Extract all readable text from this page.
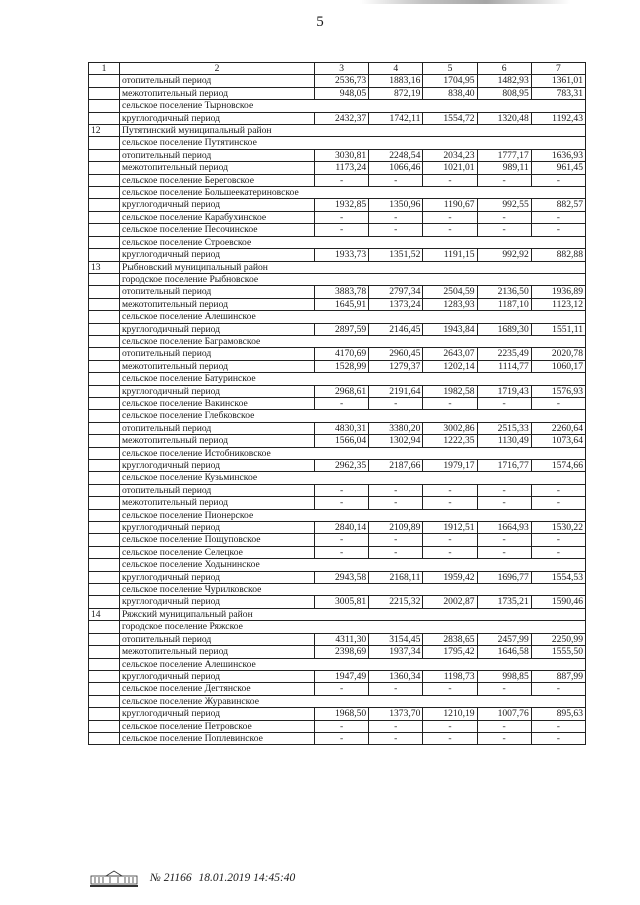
5
1	2	3	4	5	6	7
	отопительный период	2536,73	1883,16	1704,95	1482,93	1361,01
	межотопительный период	948,05	872,19	838,40	808,95	783,31
	сельское поселение Тырновское					
	круглогодичный период	2432,37	1742,11	1554,72	1320,48	1192,43
12	Путятинский муниципальный район					
	сельское поселение Путятинское					
	отопительный период	3030,81	2248,54	2034,23	1777,17	1636,93
	межотопительный период	1173,24	1066,46	1021,01	989,11	961,45
	сельское поселение Береговское	-	-	-	-	-
	сельское поселение Большеекатериновское					
	круглогодичный период	1932,85	1350,96	1190,67	992,55	882,57
	сельское поселение Карабухинское	-	-	-	-	-
	сельское поселение Песочинское	-	-	-	-	-
	сельское поселение Строевское					
	круглогодичный период	1933,73	1351,52	1191,15	992,92	882,88
13	Рыбновский муниципальный район					
	городское поселение Рыбновское					
	отопительный период	3883,78	2797,34	2504,59	2136,50	1936,89
	межотопительный период	1645,91	1373,24	1283,93	1187,10	1123,12
	сельское поселение Алешинское					
	круглогодичный период	2897,59	2146,45	1943,84	1689,30	1551,11
	сельское поселение Баграмовское					
	отопительный период	4170,69	2960,45	2643,07	2235,49	2020,78
	межотопительный период	1528,99	1279,37	1202,14	1114,77	1060,17
	сельское поселение Батуринское					
	круглогодичный период	2968,61	2191,64	1982,58	1719,43	1576,93
	сельское поселение Вакинское	-	-	-	-	-
	сельское поселение Глебковское					
	отопительный период	4830,31	3380,20	3002,86	2515,33	2260,64
	межотопительный период	1566,04	1302,94	1222,35	1130,49	1073,64
	сельское поселение Истобниковское					
	круглогодичный период	2962,35	2187,66	1979,17	1716,77	1574,66
	сельское поселение Кузьминское					
	отопительный период	-	-	-	-	-
	межотопительный период	-	-	-	-	-
	сельское поселение Пионерское					
	круглогодичный период	2840,14	2109,89	1912,51	1664,93	1530,22
	сельское поселение Пощуповское	-	-	-	-	-
	сельское поселение Селецкое	-	-	-	-	-
	сельское поселение Ходынинское					
	круглогодичный период	2943,58	2168,11	1959,42	1696,77	1554,53
	сельское поселение Чурилковское					
	круглогодичный период	3005,81	2215,32	2002,87	1735,21	1590,46
14	Ряжский муниципальный район					
	городское поселение Ряжское					
	отопительный период	4311,30	3154,45	2838,65	2457,99	2250,99
	межотопительный период	2398,69	1937,34	1795,42	1646,58	1555,50
	сельское поселение Алешинское					
	круглогодичный период	1947,49	1360,34	1198,73	998,85	887,99
	сельское поселение Дегтянское	-	-	-	-	-
	сельское поселение Журавинское					
	круглогодичный период	1968,50	1373,70	1210,19	1007,76	895,63
	сельское поселение Петровское	-	-	-	-	-
	сельское поселение Поплевинское	-	-	-	-	-
№ 21166 18.01.2019 14:45:40
